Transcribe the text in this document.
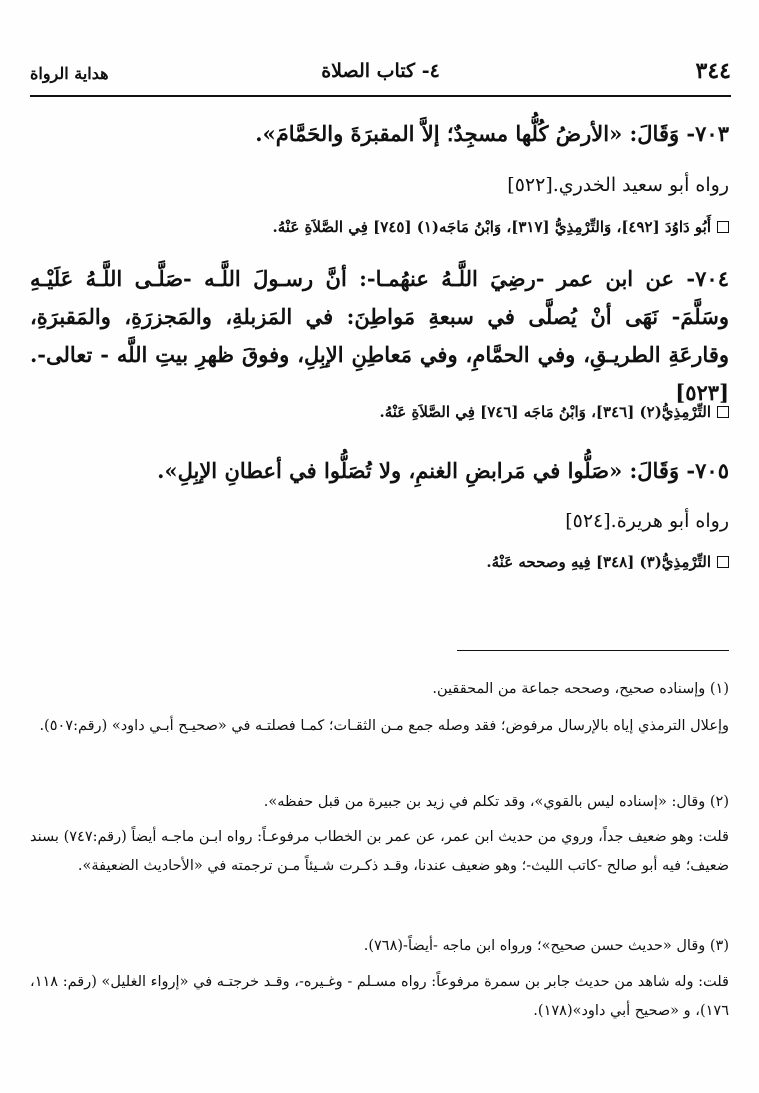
٣٤٤
٤- كتاب الصلاة
هداية الرواة
٧٠٣- وَقَالَ: «الأرضُ كُلُّها مسجِدٌ؛ إلاَّ المقبرَةَ والحَمَّامَ».
رواه أبو سعيد الخدري.[٥٢٢]
أَبُو دَاوُدَ [٤٩٢]، وَالتِّرْمِذِيُّ [٣١٧]، وَابْنُ مَاجَه(١) [٧٤٥] فِي الصَّلاَةِ عَنْهُ.
٧٠٤- عن ابن عمر -رضِيَ اللَّـهُ عنهُمـا-: أنَّ رسـولَ اللَّـه -صَلَّـى اللَّـهُ عَلَيْـهِ وسَلَّمَ- نَهَى أنْ يُصلَّى في سبعةِ مَواطِنَ: في المَزبلةِ، والمَجزرَةِ، والمَقبرَةِ، وقارعَةِ الطريـقِ، وفي الحمَّامِ، وفي مَعاطِنِ الإبِلِ، وفوقَ ظهرِ بيتِ اللَّه - تعالى-.[٥٢٣]
التِّرْمِذِيُّ(٢) [٣٤٦]، وَابْنُ مَاجَه [٧٤٦] فِي الصَّلاَةِ عَنْهُ.
٧٠٥- وَقَالَ: «صَلُّوا في مَرابضِ الغنمِ، ولا تُصَلُّوا في أعطانِ الإبِلِ».
رواه أبو هريرة.[٥٢٤]
التِّرْمِذِيُّ(٣) [٣٤٨] فِيهِ وصححه عَنْهُ.
(١) وإسناده صحيح، وصححه جماعة من المحققين.
وإعلال الترمذي إياه بالإرسال مرفوض؛ فقد وصله جمع مـن الثقـات؛ كمـا فصلتـه في «صحيـح أبـي داود» (رقم:٥٠٧).
(٢) وقال: «إسناده ليس بالقوي»، وقد تكلم في زيد بن جبيرة من قبل حفظه».
قلت: وهو ضعيف جداً، وروي من حديث ابن عمر، عن عمر بن الخطاب مرفوعـاً: رواه ابـن ماجـه أيضاً (رقم:٧٤٧) بسند ضعيف؛ فيه أبو صالح -كاتب الليث-؛ وهو ضعيف عندنا، وقـد ذكـرت شـيئاً مـن ترجمته في «الأحاديث الضعيفة».
(٣) وقال «حديث حسن صحيح»؛ ورواه ابن ماجه -أيضاً-(٧٦٨).
قلت: وله شاهد من حديث جابر بن سمرة مرفوعاً: رواه مسـلم - وغـيره-، وقـد خرجتـه في «إرواء الغليل» (رقم: ١١٨، ١٧٦)، و «صحيح أبي داود»(١٧٨).
